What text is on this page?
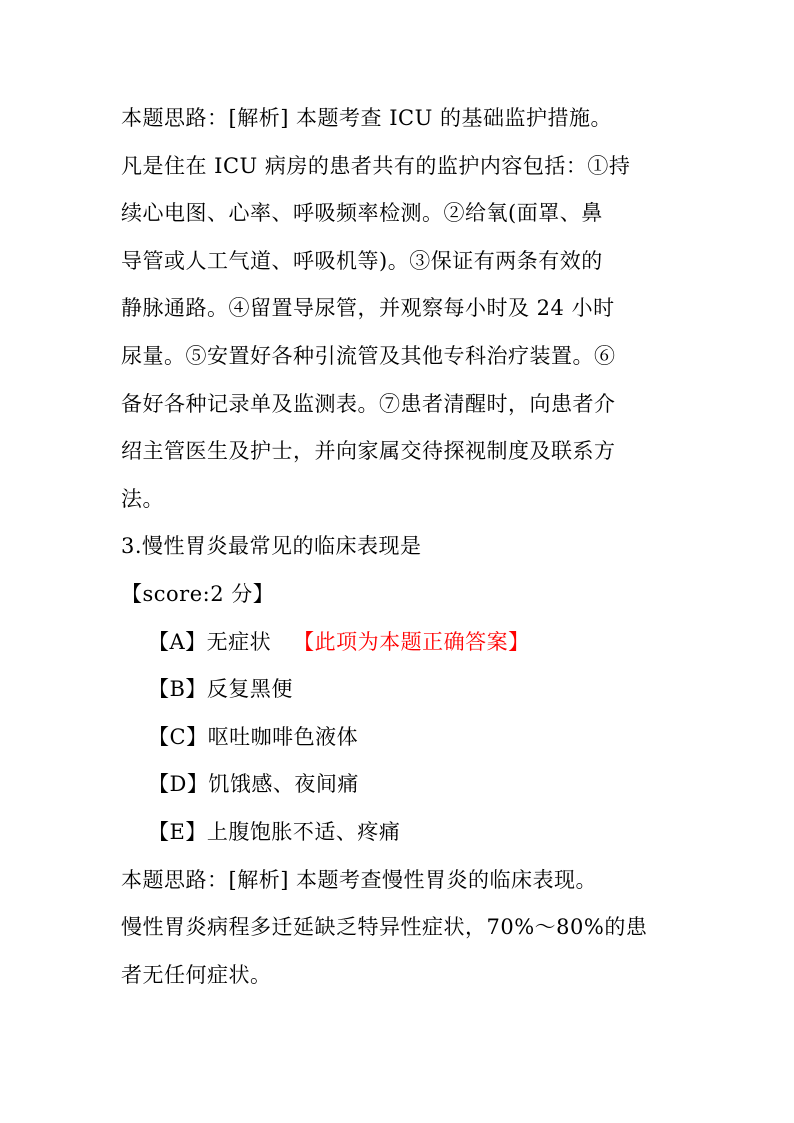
本题思路：[解析] 本题考查 ICU 的基础监护措施。
凡是住在 ICU 病房的患者共有的监护内容包括：①持
续心电图、心率、呼吸频率检测。②给氧(面罩、鼻
导管或人工气道、呼吸机等)。③保证有两条有效的
静脉通路。④留置导尿管，并观察每小时及 24 小时
尿量。⑤安置好各种引流管及其他专科治疗装置。⑥
备好各种记录单及监测表。⑦患者清醒时，向患者介
绍主管医生及护士，并向家属交待探视制度及联系方
法。
3.慢性胃炎最常见的临床表现是
【score:2 分】
【A】无症状 【此项为本题正确答案】
【B】反复黑便
【C】呕吐咖啡色液体
【D】饥饿感、夜间痛
【E】上腹饱胀不适、疼痛
本题思路：[解析] 本题考查慢性胃炎的临床表现。
慢性胃炎病程多迁延缺乏特异性症状，70%～80%的患
者无任何症状。
